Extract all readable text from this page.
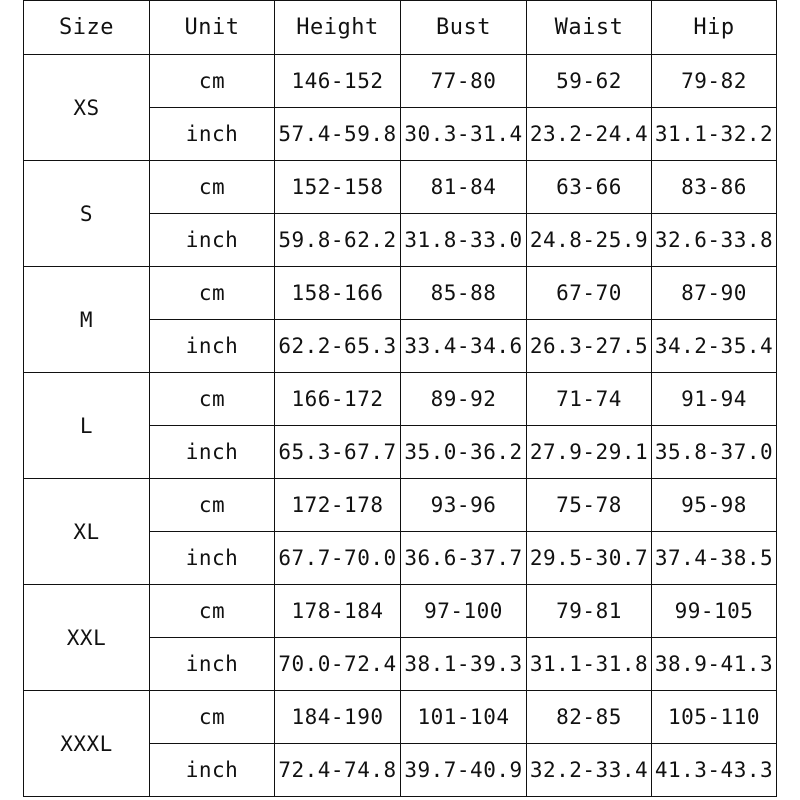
Size	Unit	Height	Bust	Waist	Hip
XS	cm	146-152	77-80	59-62	79-82
	inch	57.4-59.8	30.3-31.4	23.2-24.4	31.1-32.2
S	cm	152-158	81-84	63-66	83-86
	inch	59.8-62.2	31.8-33.0	24.8-25.9	32.6-33.8
M	cm	158-166	85-88	67-70	87-90
	inch	62.2-65.3	33.4-34.6	26.3-27.5	34.2-35.4
L	cm	166-172	89-92	71-74	91-94
	inch	65.3-67.7	35.0-36.2	27.9-29.1	35.8-37.0
XL	cm	172-178	93-96	75-78	95-98
	inch	67.7-70.0	36.6-37.7	29.5-30.7	37.4-38.5
XXL	cm	178-184	97-100	79-81	99-105
	inch	70.0-72.4	38.1-39.3	31.1-31.8	38.9-41.3
XXXL	cm	184-190	101-104	82-85	105-110
	inch	72.4-74.8	39.7-40.9	32.2-33.4	41.3-43.3
